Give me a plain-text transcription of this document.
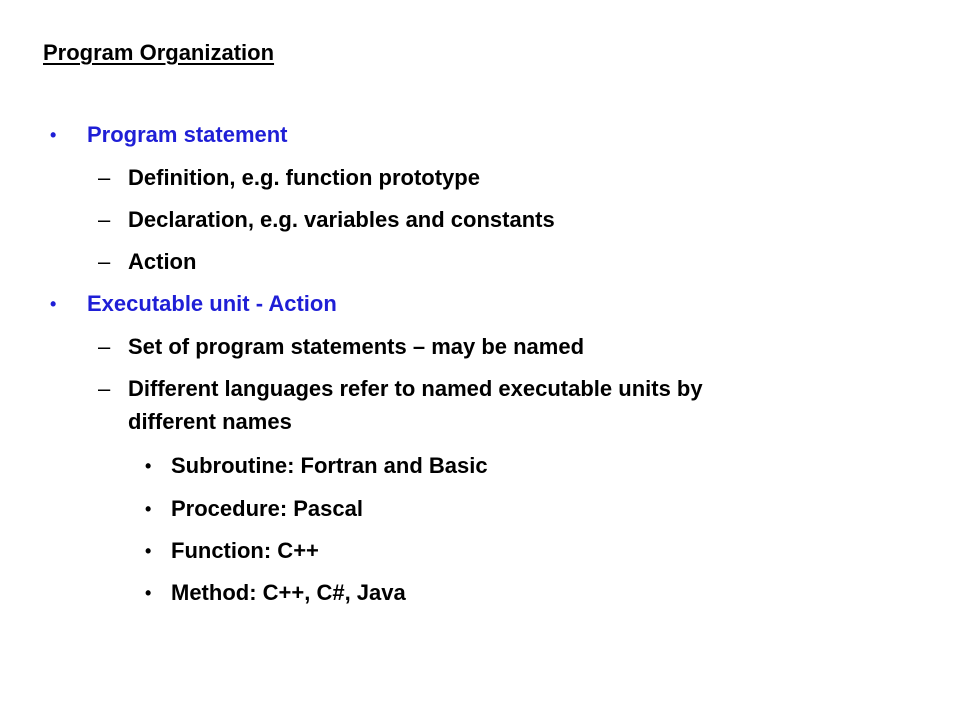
Program Organization
•	Program statement
– Definition, e.g. function prototype
– Declaration, e.g. variables and constants
– Action
•	Executable unit - Action
– Set of program statements – may be named
– Different languages refer to named executable units by
different names
• Subroutine: Fortran and Basic
• Procedure: Pascal
• Function: C++
• Method: C++, C#, Java
